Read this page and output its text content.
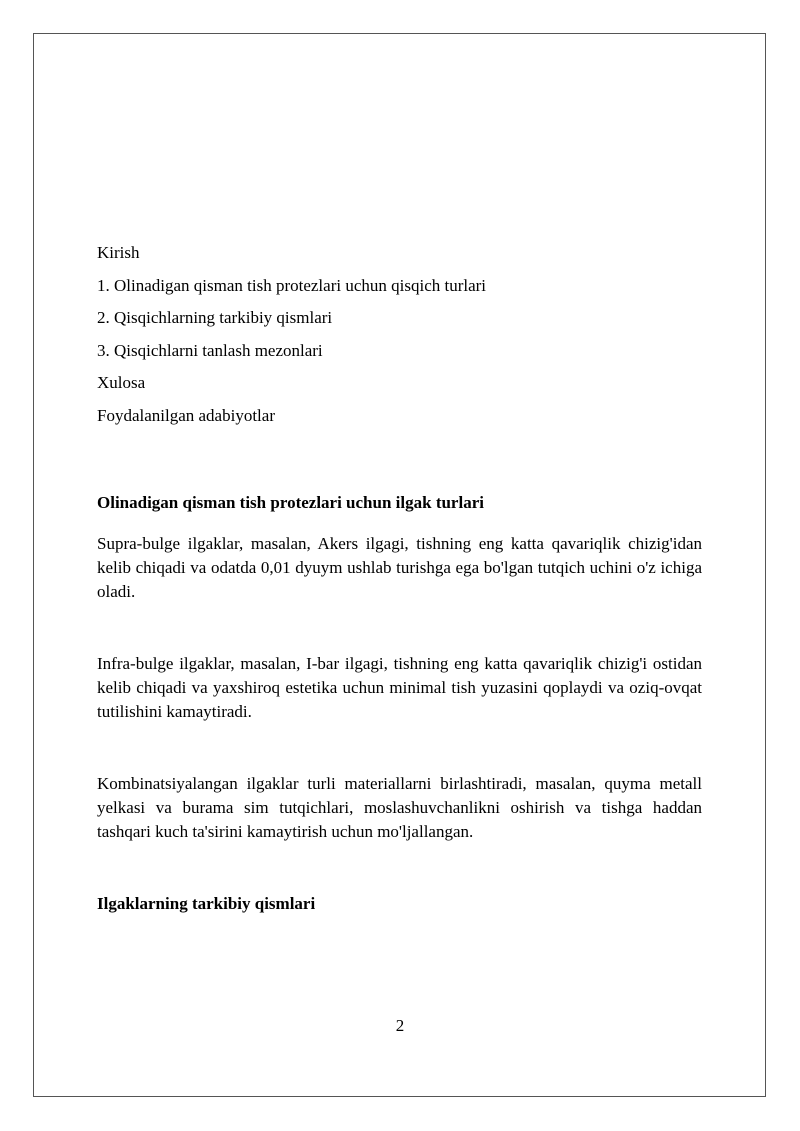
Kirish

1. Olinadigan qisman tish protezlari uchun qisqich turlari

2. Qisqichlarning tarkibiy qismlari

3. Qisqichlarni tanlash mezonlari

Xulosa

Foydalanilgan adabiyotlar

Olinadigan qisman tish protezlari uchun ilgak turlari

Supra-bulge ilgaklar, masalan, Akers ilgagi, tishning eng katta qavariqlik chizig'idan kelib chiqadi va odatda 0,01 dyuym ushlab turishga ega bo'lgan tutqich uchini o'z ichiga oladi.

Infra-bulge ilgaklar, masalan, I-bar ilgagi, tishning eng katta qavariqlik chizig'i ostidan kelib chiqadi va yaxshiroq estetika uchun minimal tish yuzasini qoplaydi va oziq-ovqat tutilishini kamaytiradi.

Kombinatsiyalangan ilgaklar turli materiallarni birlashtiradi, masalan, quyma metall yelkasi va burama sim tutqichlari, moslashuvchanlikni oshirish va tishga haddan tashqari kuch ta'sirini kamaytirish uchun mo'ljallangan.

Ilgaklarning tarkibiy qismlari
2
